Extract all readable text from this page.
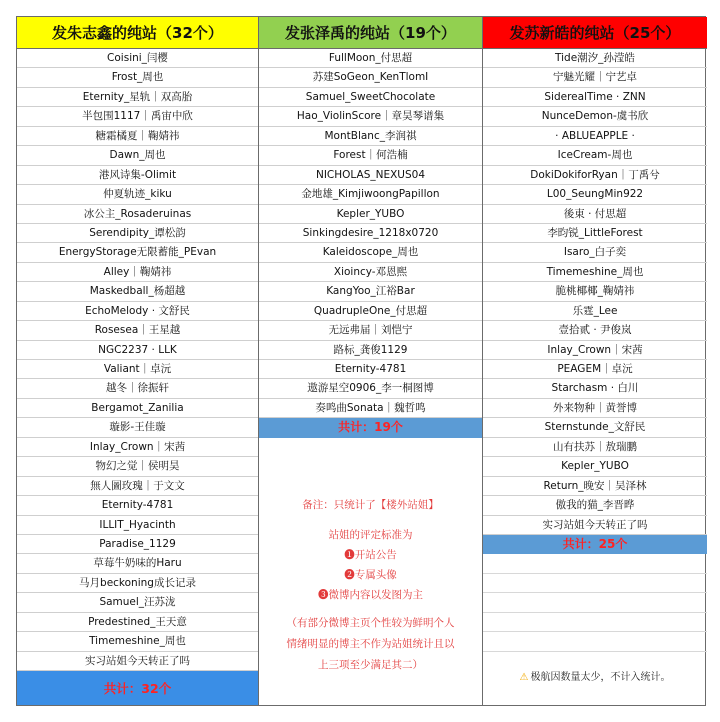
发朱志鑫的纯站（32个）
Coisini_闫樱
Frost_周也
Eternity_星轨｜双高胎
半包围1117｜禹宙中欣
糖霜橘夏｜鞠婧祎
Dawn_周也
港风诗集-Olimit
仲夏轨迹_kiku
冰公主_Rosaderuinas
Serendipity_谭松韵
EnergyStorage无限蓄能_PEvan
Alley｜鞠婧祎
Maskedball_杨超越
EchoMelody · 文舒民
Rosesea｜王星越
NGC2237 · LLK
Valiant｜卓沅
越冬｜徐振轩
Bergamot_Zanilia
璇影-王佳璇
Inlay_Crown｜宋茜
物幻之觉｜侯明昊
無人圖玫瑰｜于文文
Eternity-4781
ILLIT_Hyacinth
Paradise_1129
草莓牛奶味的Haru
马月beckoning成长记录
Samuel_汪苏泷
Predestined_王天意
Timemeshine_周也
实习站姐今天转正了吗
共计：32个
发张泽禹的纯站（19个）
FullMoon_付思超
苏建SoGeon_KenTlomI
Samuel_SweetChocolate
Hao_ViolinScore｜章昊琴谱集
MontBlanc_李润祺
Forest｜何浩楠
NICHOLAS_NEXUS04
金地雄_KimjiwoongPapillon
Kepler_YUBO
Sinkingdesire_1218x0720
Kaleidoscope_周也
Xioincy-邓恩熙
KangYoo_江裕Bar
QuadrupleOne_付思超
无远弗届｜刘恺宁
路标_龚俊1129
Eternity-4781
遨游星空0906_李一桐图博
奏鸣曲Sonata｜魏哲鸣
共计：19个
备注：只统计了【楼外站姐】
站姐的评定标准为
❶开站公告
❷专属头像
❸微博内容以发图为主
（有部分微博主页个性较为鲜明个人
情绪明显的博主不作为站姐统计且以
上三项至少满足其二）
发苏新皓的纯站（25个）
Tide潮汐_孙滢皓
宁魅光耀｜宁艺卓
SiderealTime · ZNN
NunceDemon-虞书欣
· ABLUEAPPLE ·
IceCream-周也
DokiDokiforRyan｜丁禹兮
L00_SeungMin922
後東 · 付思超
李昀锐_LittleForest
Isaro_白子奕
Timemeshine_周也
脆桃椰椰_鞠婧祎
乐霆_Lee
壹拾贰 · 尹俊岚
Inlay_Crown｜宋茜
PEAGEM｜卓沅
Starchasm · 白川
外来物种｜黄誉博
Sternstunde_文舒民
山有扶苏｜敖瑞鹏
Kepler_YUBO
Return_晚安｜吴泽林
傲我的猫_李晋晔
实习站姐今天转正了吗
共计：25个
⚠ 极航因数量太少，不计入统计。
